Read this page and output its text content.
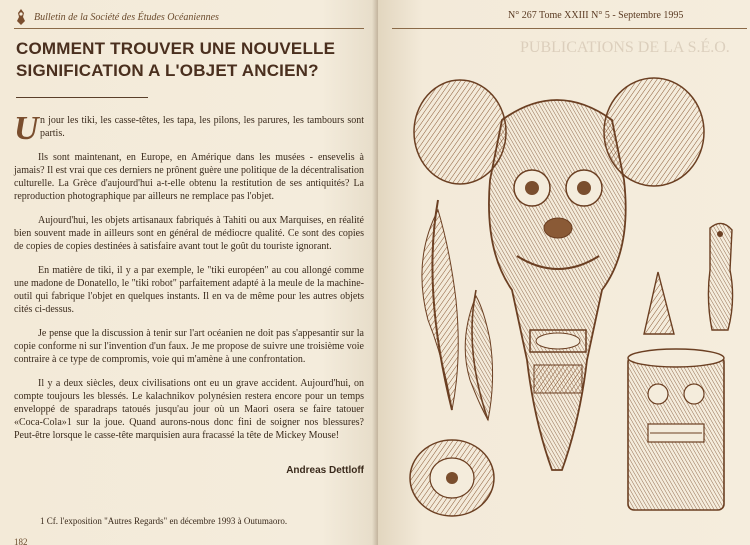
Bulletin de la Société des Études Océaniennes
COMMENT TROUVER UNE NOUVELLE SIGNIFICATION A L'OBJET ANCIEN?

U n jour les tiki, les casse-têtes, les tapa, les pilons, les parures, les tambours sont partis.

Ils sont maintenant, en Europe, en Amérique dans les musées - ensevelis à jamais? Il est vrai que ces derniers ne prônent guère une politique de la décentralisation culturelle. La Grèce d'aujourd'hui a-t-elle obtenu la restitution de ses antiquités? La reproduction photographique par ailleurs ne remplace pas l'objet.

Aujourd'hui, les objets artisanaux fabriqués à Tahiti ou aux Marquises, en réalité bien souvent made in ailleurs sont en général de médiocre qualité. Ce sont des copies de copies de copies destinées à satisfaire avant tout le goût du touriste ignorant.

En matière de tiki, il y a par exemple, le "tiki européen" au cou allongé comme une madone de Donatello, le "tiki robot" parfaitement adapté à la meule de la machine-outil qui fabrique l'objet en quelques instants. Il en va de même pour les autres objets cités ci-dessus.

Je pense que la discussion à tenir sur l'art océanien ne doit pas s'appesantir sur la copie conforme ni sur l'invention d'un faux. Je me propose de suivre une troisième voie contraire à ce type de compromis, voie qui m'amène à une confrontation.

Il y a deux siècles, deux civilisations ont eu un grave accident. Aujourd'hui, on compte toujours les blessés. Le kalachnikov polynésien restera encore pour un temps enveloppé de sparadraps tatoués jusqu'au jour où un Maori osera se faire tatouer «Coca-Cola»1 sur la joue. Quand aurons-nous donc fini de soigner nos blessures? Peut-être lorsque le casse-tête marquisien aura fracassé la tête de Mickey Mouse!

Andreas Dettloff
1 Cf. l'exposition "Autres Regards" en décembre 1993 à Outumaoro.
182
N° 267 Tome XXIII N° 5 - Septembre 1995
PUBLICATIONS DE LA S.É.O.
